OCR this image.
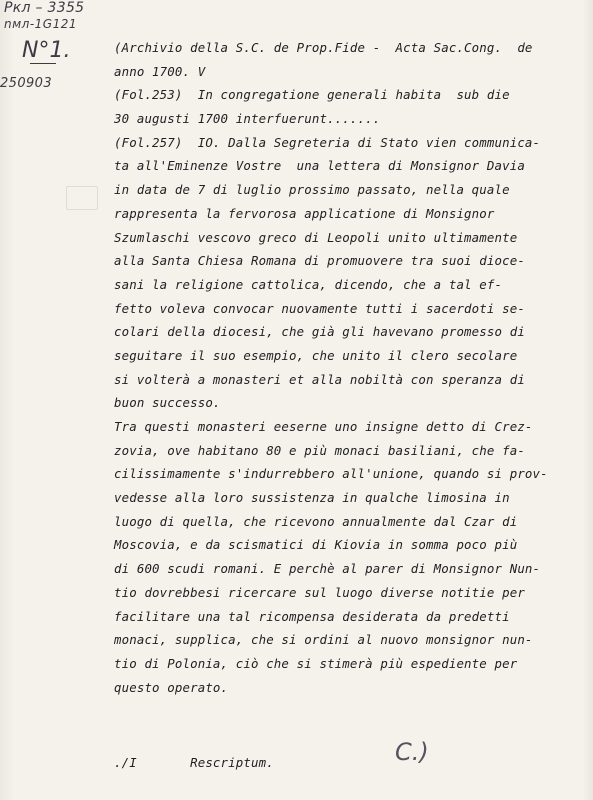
Pкл – 3355
nмл-1G121
N°1.
250903
(Archivio della S.C. de Prop.Fide -  Acta Sac.Cong.  de
anno 1700. V
(Fol.253)  In congregatione generali habita  sub die
30 augusti 1700 interfuerunt.......
(Fol.257)  IO. Dalla Segreteria di Stato vien communica-
ta all'Eminenze Vostre  una lettera di Monsignor Davia
in data de 7 di luglio prossimo passato, nella quale
rappresenta la fervorosa applicatione di Monsignor
Szumlaschi vescovo greco di Leopoli unito ultimamente
alla Santa Chiesa Romana di promuovere tra suoi dioce-
sani la religione cattolica, dicendo, che a tal ef-
fetto voleva convocar nuovamente tutti i sacerdoti se-
colari della diocesi, che già gli havevano promesso di
seguitare il suo esempio, che unito il clero secolare
si volterà a monasteri et alla nobiltà con speranza di
buon successo.
Tra questi monasteri eeserne uno insigne detto di Crez-
zovia, ove habitano 80 e più monaci basiliani, che fa-
cilissimamente s'indurrebbero all'unione, quando si prov-
vedesse alla loro sussistenza in qualche limosina in
luogo di quella, che ricevono annualmente dal Czar di
Moscovia, e da scismatici di Kiovia in somma poco più
di 600 scudi romani. E perchè al parer di Monsignor Nun-
tio dovrebbesi ricercare sul luogo diverse notitie per
facilitare una tal ricompensa desiderata da predetti
monaci, supplica, che si ordini al nuovo monsignor nun-
tio di Polonia, ciò che si stimerà più espediente per
questo operato.
./I       Rescriptum.	C.)
